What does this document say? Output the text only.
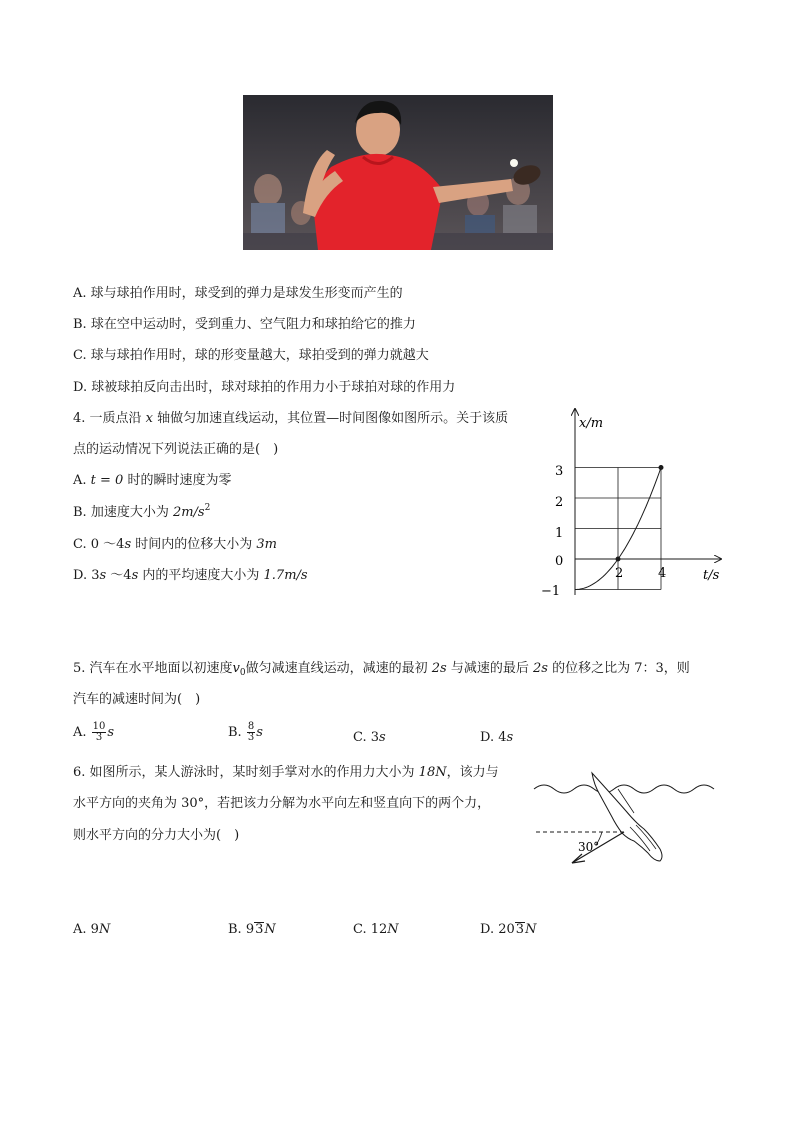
A. 球与球拍作用时，球受到的弹力是球发生形变而产生的
B. 球在空中运动时，受到重力、空气阻力和球拍给它的推力
C. 球与球拍作用时，球的形变量越大，球拍受到的弹力就越大
D. 球被球拍反向击出时，球对球拍的作用力小于球拍对球的作用力
4. 一质点沿 x 轴做匀加速直线运动，其位置—时间图像如图所示。关于该质
点的运动情况下列说法正确的是(　)
A. t = 0 时的瞬时速度为零
B. 加速度大小为 $2m/s^2$
C. 0 ～4s 时间内的位移大小为 3m
D. 3s ～4s 内的平均速度大小为 1.7m/s
x/m
t/s
3
2
1
0
−1
2	4
5. 汽车在水平地面以初速度$v_0$做匀减速直线运动，减速的最初 2s 与减速的最后 2s 的位移之比为 7：3，则
汽车的减速时间为(　)
A. $\frac{10}{3}$ s	B. $\frac{8}{3}$ s	C. 3s	D. 4s
6. 如图所示，某人游泳时，某时刻手掌对水的作用力大小为 18N，该力与
水平方向的夹角为 30°，若把该力分解为水平向左和竖直向下的两个力，
则水平方向的分力大小为(　)
30°
A. 9N	B. 93N	C. 12N	D. 203N
